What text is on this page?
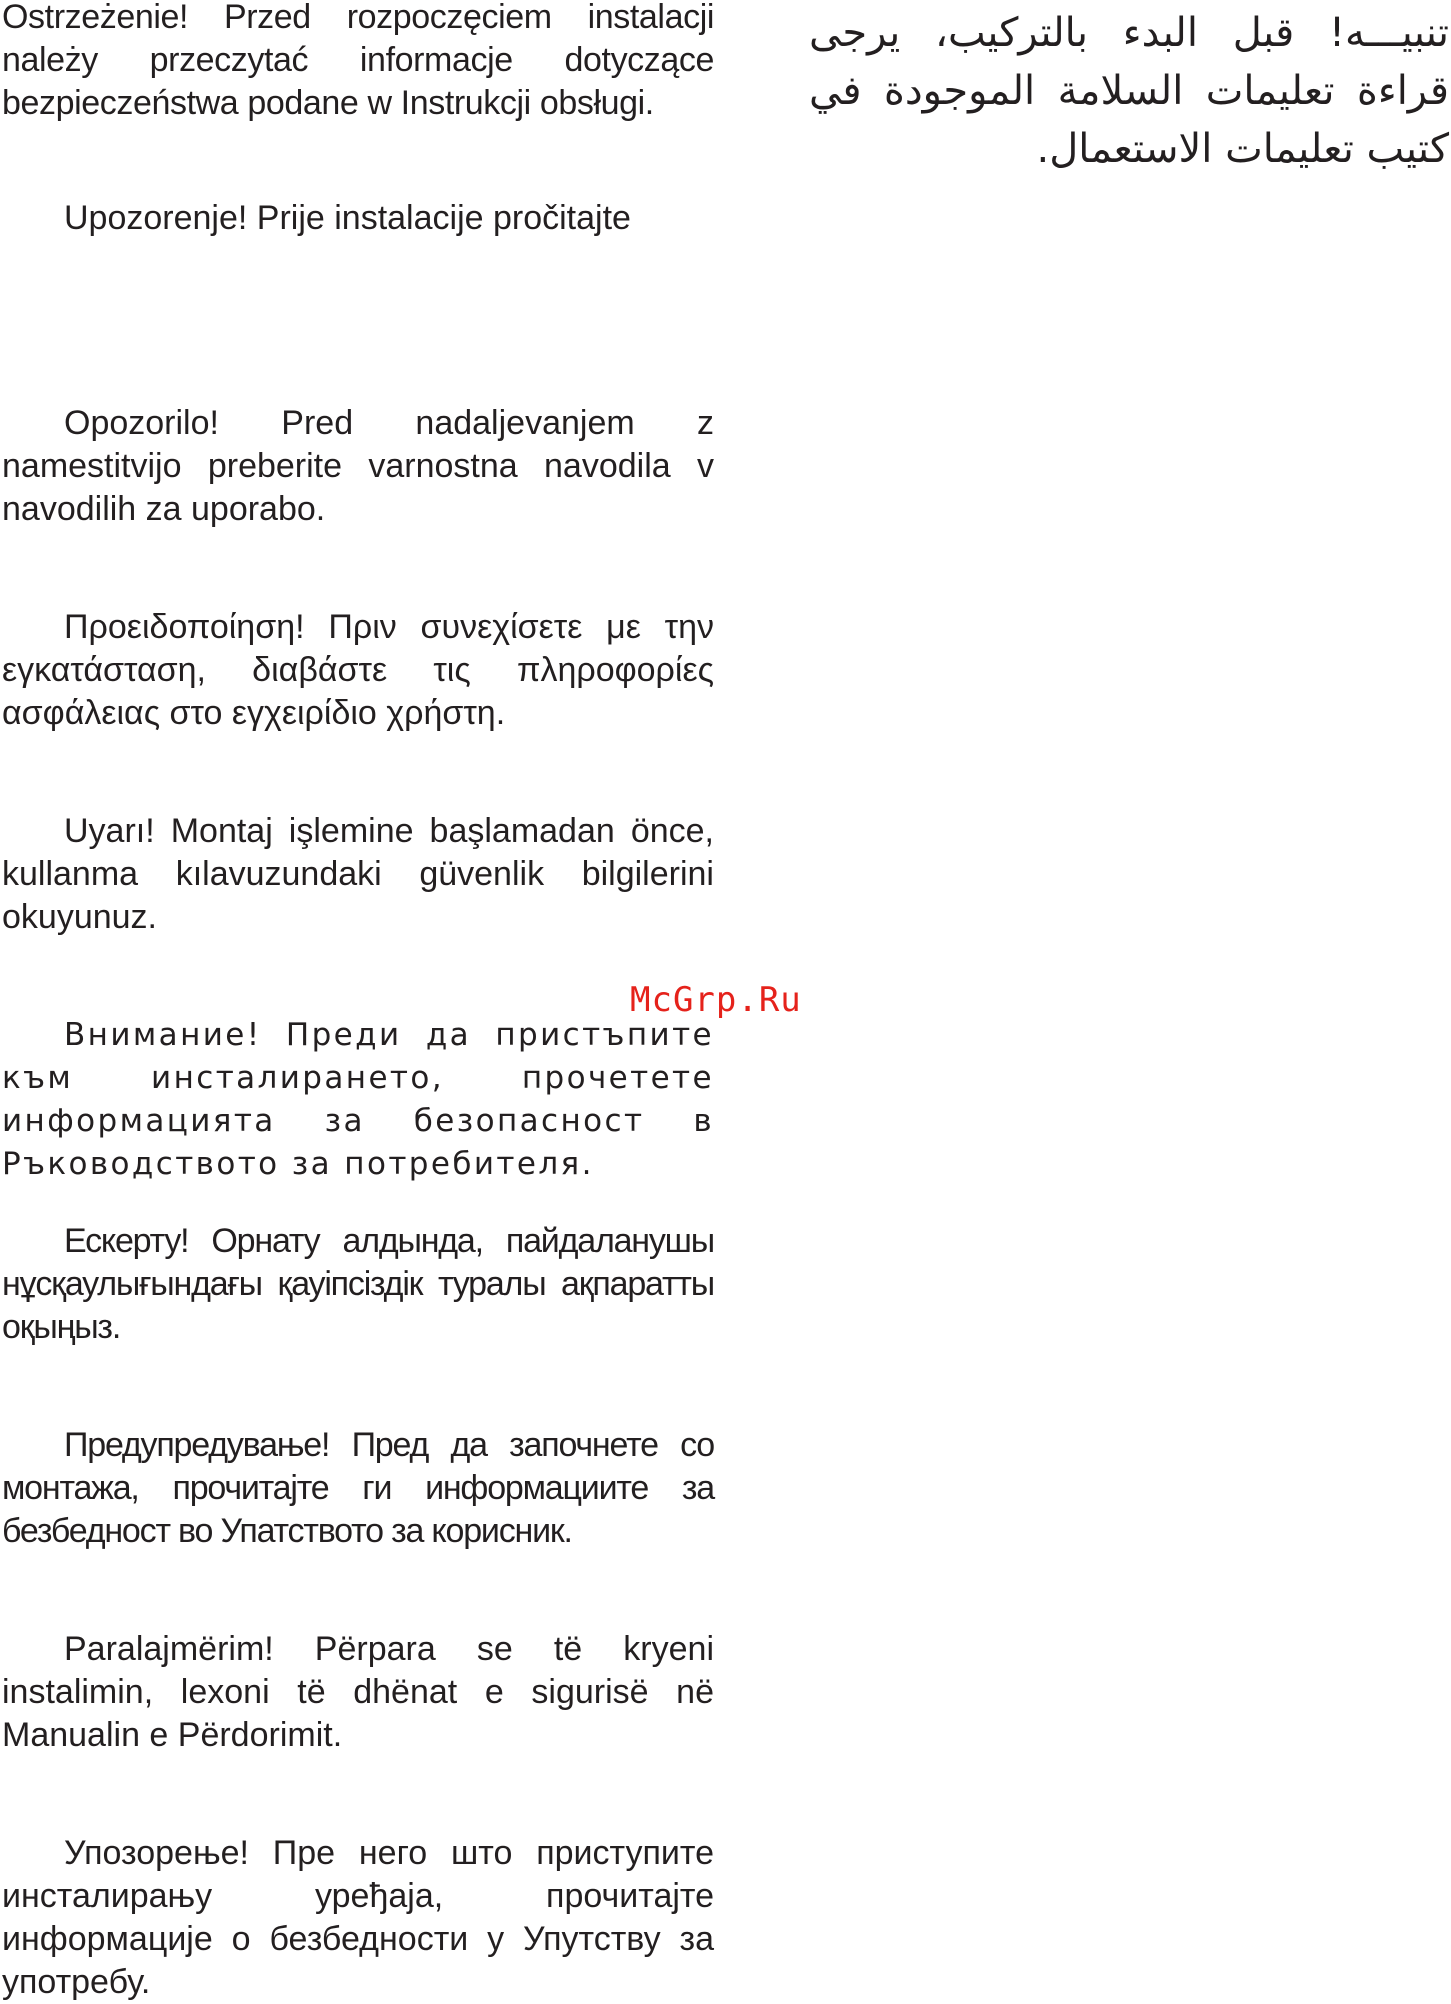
Ostrzeżenie! Przed rozpoczęciem instalacji należy przeczytać informacje dotyczące bezpieczeństwa podane w Instrukcji obsługi.

Upozorenje! Prije instalacije pročitajte

Opozorilo! Pred nadaljevanjem z namestitvijo preberite varnostna navodila v navodilih za uporabo.

Προειδοποίηση! Πριν συνεχίσετε με την εγκατάσταση, διαβάστε τις πληροφορίες ασφάλειας στο εγχειρίδιο χρήστη.

Uyarı! Montaj işlemine başlamadan önce, kullanma kılavuzundaki güvenlik bilgilerini okuyunuz.

Внимание! Преди да пристъпите към инсталирането, прочетете информацията за безопасност в Ръководството за потребителя.

Ескерту! Орнату алдында, пайдаланушы нұсқаулығындағы қауіпсіздік туралы ақпаратты оқыңыз.

Предупредување! Пред да започнете со монтажа, прочитајте ги информациите за безбедност во Упатството за корисник.

Paralajmërim! Përpara se të kryeni instalimin, lexoni të dhënat e sigurisë në Manualin e Përdorimit.

Упозорење! Пре него што приступите инсталирању уређаја, прочитајте информације о безбедности у Упутству за употребу.

تنبيـــه! قبل البدء بالتركيب، يرجى قراءة تعليمات السلامة الموجودة في كتيب تعليمات الاستعمال.

McGrp.Ru
